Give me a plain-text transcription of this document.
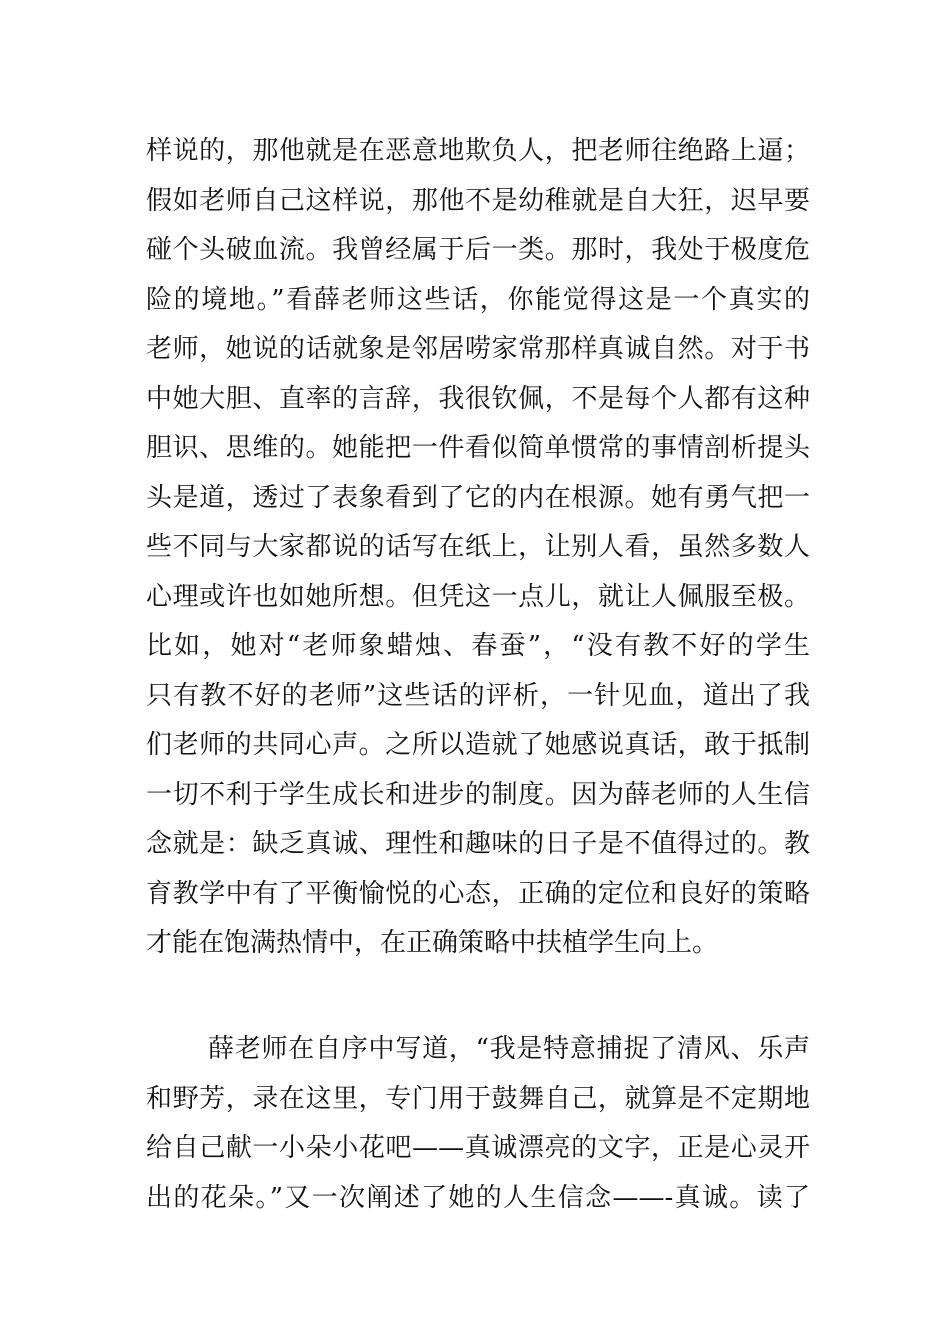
样说的，那他就是在恶意地欺负人，把老师往绝路上逼；
假如老师自己这样说，那他不是幼稚就是自大狂，迟早要
碰个头破血流。我曾经属于后一类。那时，我处于极度危
险的境地。”看薛老师这些话，你能觉得这是一个真实的
老师，她说的话就象是邻居唠家常那样真诚自然。对于书
中她大胆、直率的言辞，我很钦佩，不是每个人都有这种
胆识、思维的。她能把一件看似简单惯常的事情剖析提头
头是道，透过了表象看到了它的内在根源。她有勇气把一
些不同与大家都说的话写在纸上，让别人看，虽然多数人
心理或许也如她所想。但凭这一点儿，就让人佩服至极。
比如，她对“老师象蜡烛、春蚕”，“没有教不好的学生
只有教不好的老师”这些话的评析，一针见血，道出了我
们老师的共同心声。之所以造就了她感说真话，敢于抵制
一切不利于学生成长和进步的制度。因为薛老师的人生信
念就是：缺乏真诚、理性和趣味的日子是不值得过的。教
育教学中有了平衡愉悦的心态，正确的定位和良好的策略
才能在饱满热情中，在正确策略中扶植学生向上。
薛老师在自序中写道，“我是特意捕捉了清风、乐声
和野芳，录在这里，专门用于鼓舞自己，就算是不定期地
给自己献一小朵小花吧——真诚漂亮的文字，正是心灵开
出的花朵。”又一次阐述了她的人生信念——-真诚。读了
